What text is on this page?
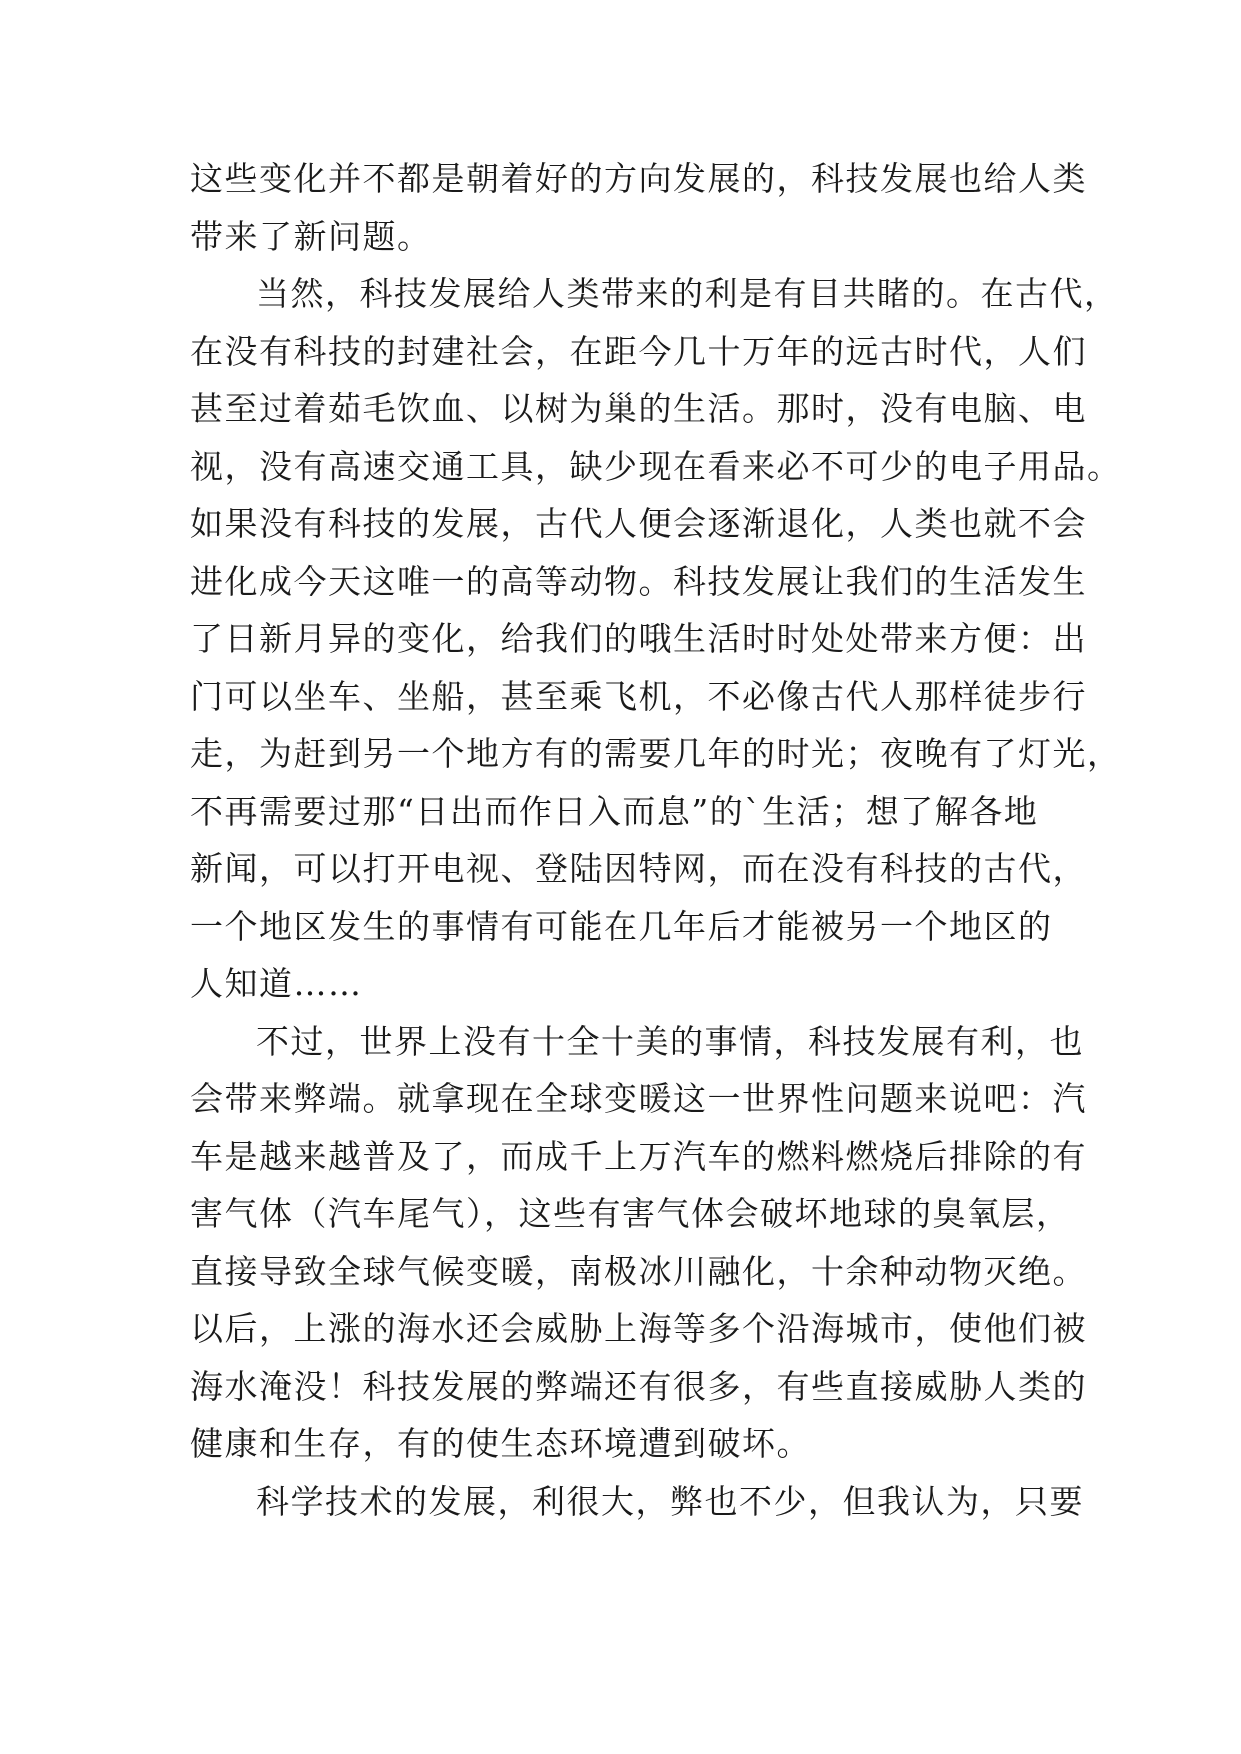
这些变化并不都是朝着好的方向发展的，科技发展也给人类
带来了新问题。
当然，科技发展给人类带来的利是有目共睹的。在古代，
在没有科技的封建社会，在距今几十万年的远古时代，人们
甚至过着茹毛饮血、以树为巢的生活。那时，没有电脑、电
视，没有高速交通工具，缺少现在看来必不可少的电子用品。
如果没有科技的发展，古代人便会逐渐退化，人类也就不会
进化成今天这唯一的高等动物。科技发展让我们的生活发生
了日新月异的变化，给我们的哦生活时时处处带来方便：出
门可以坐车、坐船，甚至乘飞机，不必像古代人那样徒步行
走，为赶到另一个地方有的需要几年的时光；夜晚有了灯光，
不再需要过那“日出而作日入而息”的`生活；想了解各地
新闻，可以打开电视、登陆因特网，而在没有科技的古代，
一个地区发生的事情有可能在几年后才能被另一个地区的
人知道……
不过，世界上没有十全十美的事情，科技发展有利，也
会带来弊端。就拿现在全球变暖这一世界性问题来说吧：汽
车是越来越普及了，而成千上万汽车的燃料燃烧后排除的有
害气体（汽车尾气），这些有害气体会破坏地球的臭氧层，
直接导致全球气候变暖，南极冰川融化，十余种动物灭绝。
以后，上涨的海水还会威胁上海等多个沿海城市，使他们被
海水淹没！科技发展的弊端还有很多，有些直接威胁人类的
健康和生存，有的使生态环境遭到破坏。
科学技术的发展，利很大，弊也不少，但我认为，只要
